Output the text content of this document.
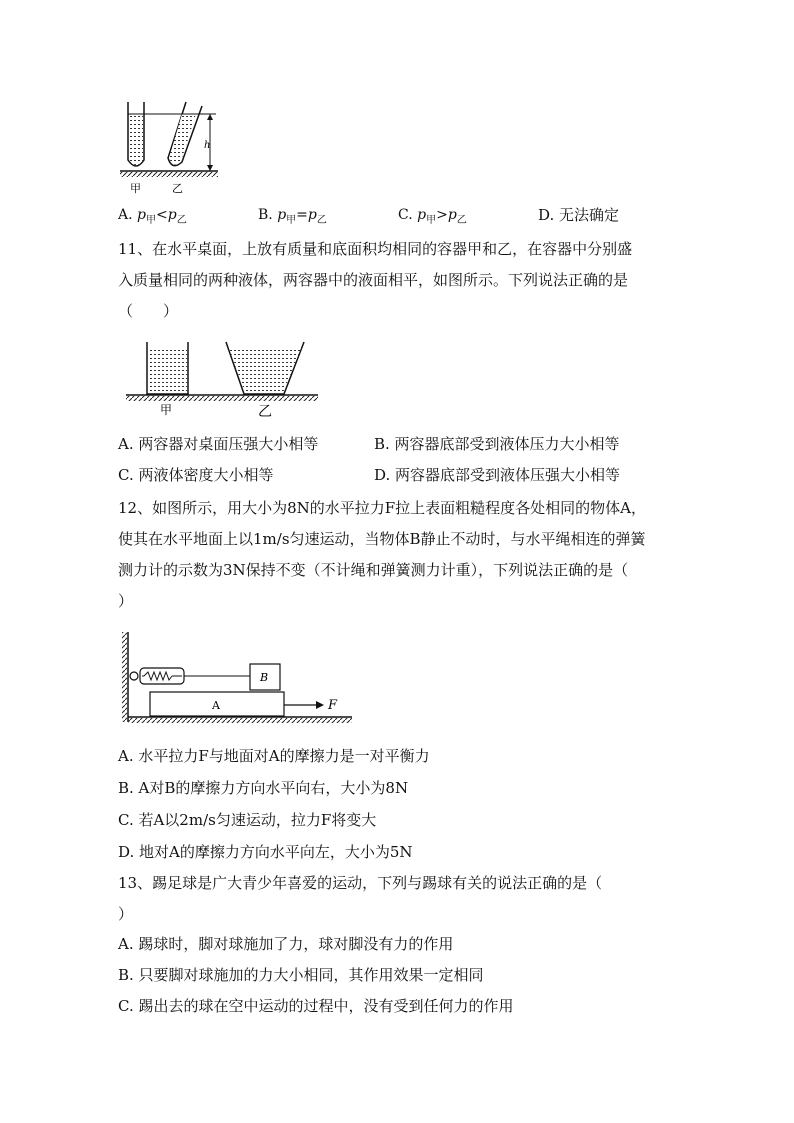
h
甲	乙
A. $p_甲<p_乙$	B. $p_甲=p_乙$	C. $p_甲>p_乙$	D. 无法确定
11、在水平桌面，上放有质量和底面积均相同的容器甲和乙，在容器中分别盛
入质量相同的两种液体，两容器中的液面相平，如图所示。下列说法正确的是
（　　）
甲	乙
A. 两容器对桌面压强大小相等	B. 两容器底部受到液体压力大小相等
C. 两液体密度大小相等	D. 两容器底部受到液体压强大小相等
12、如图所示，用大小为8N的水平拉力F拉上表面粗糙程度各处相同的物体A，
使其在水平地面上以1m/s匀速运动，当物体B静止不动时，与水平绳相连的弹簧
测力计的示数为3N保持不变（不计绳和弹簧测力计重），下列说法正确的是（
）
B
A	F
A. 水平拉力F与地面对A的摩擦力是一对平衡力
B. A对B的摩擦力方向水平向右，大小为8N
C. 若A以2m/s匀速运动，拉力F将变大
D. 地对A的摩擦力方向水平向左，大小为5N
13、踢足球是广大青少年喜爱的运动，下列与踢球有关的说法正确的是（
）
A. 踢球时，脚对球施加了力，球对脚没有力的作用
B. 只要脚对球施加的力大小相同，其作用效果一定相同
C. 踢出去的球在空中运动的过程中，没有受到任何力的作用
